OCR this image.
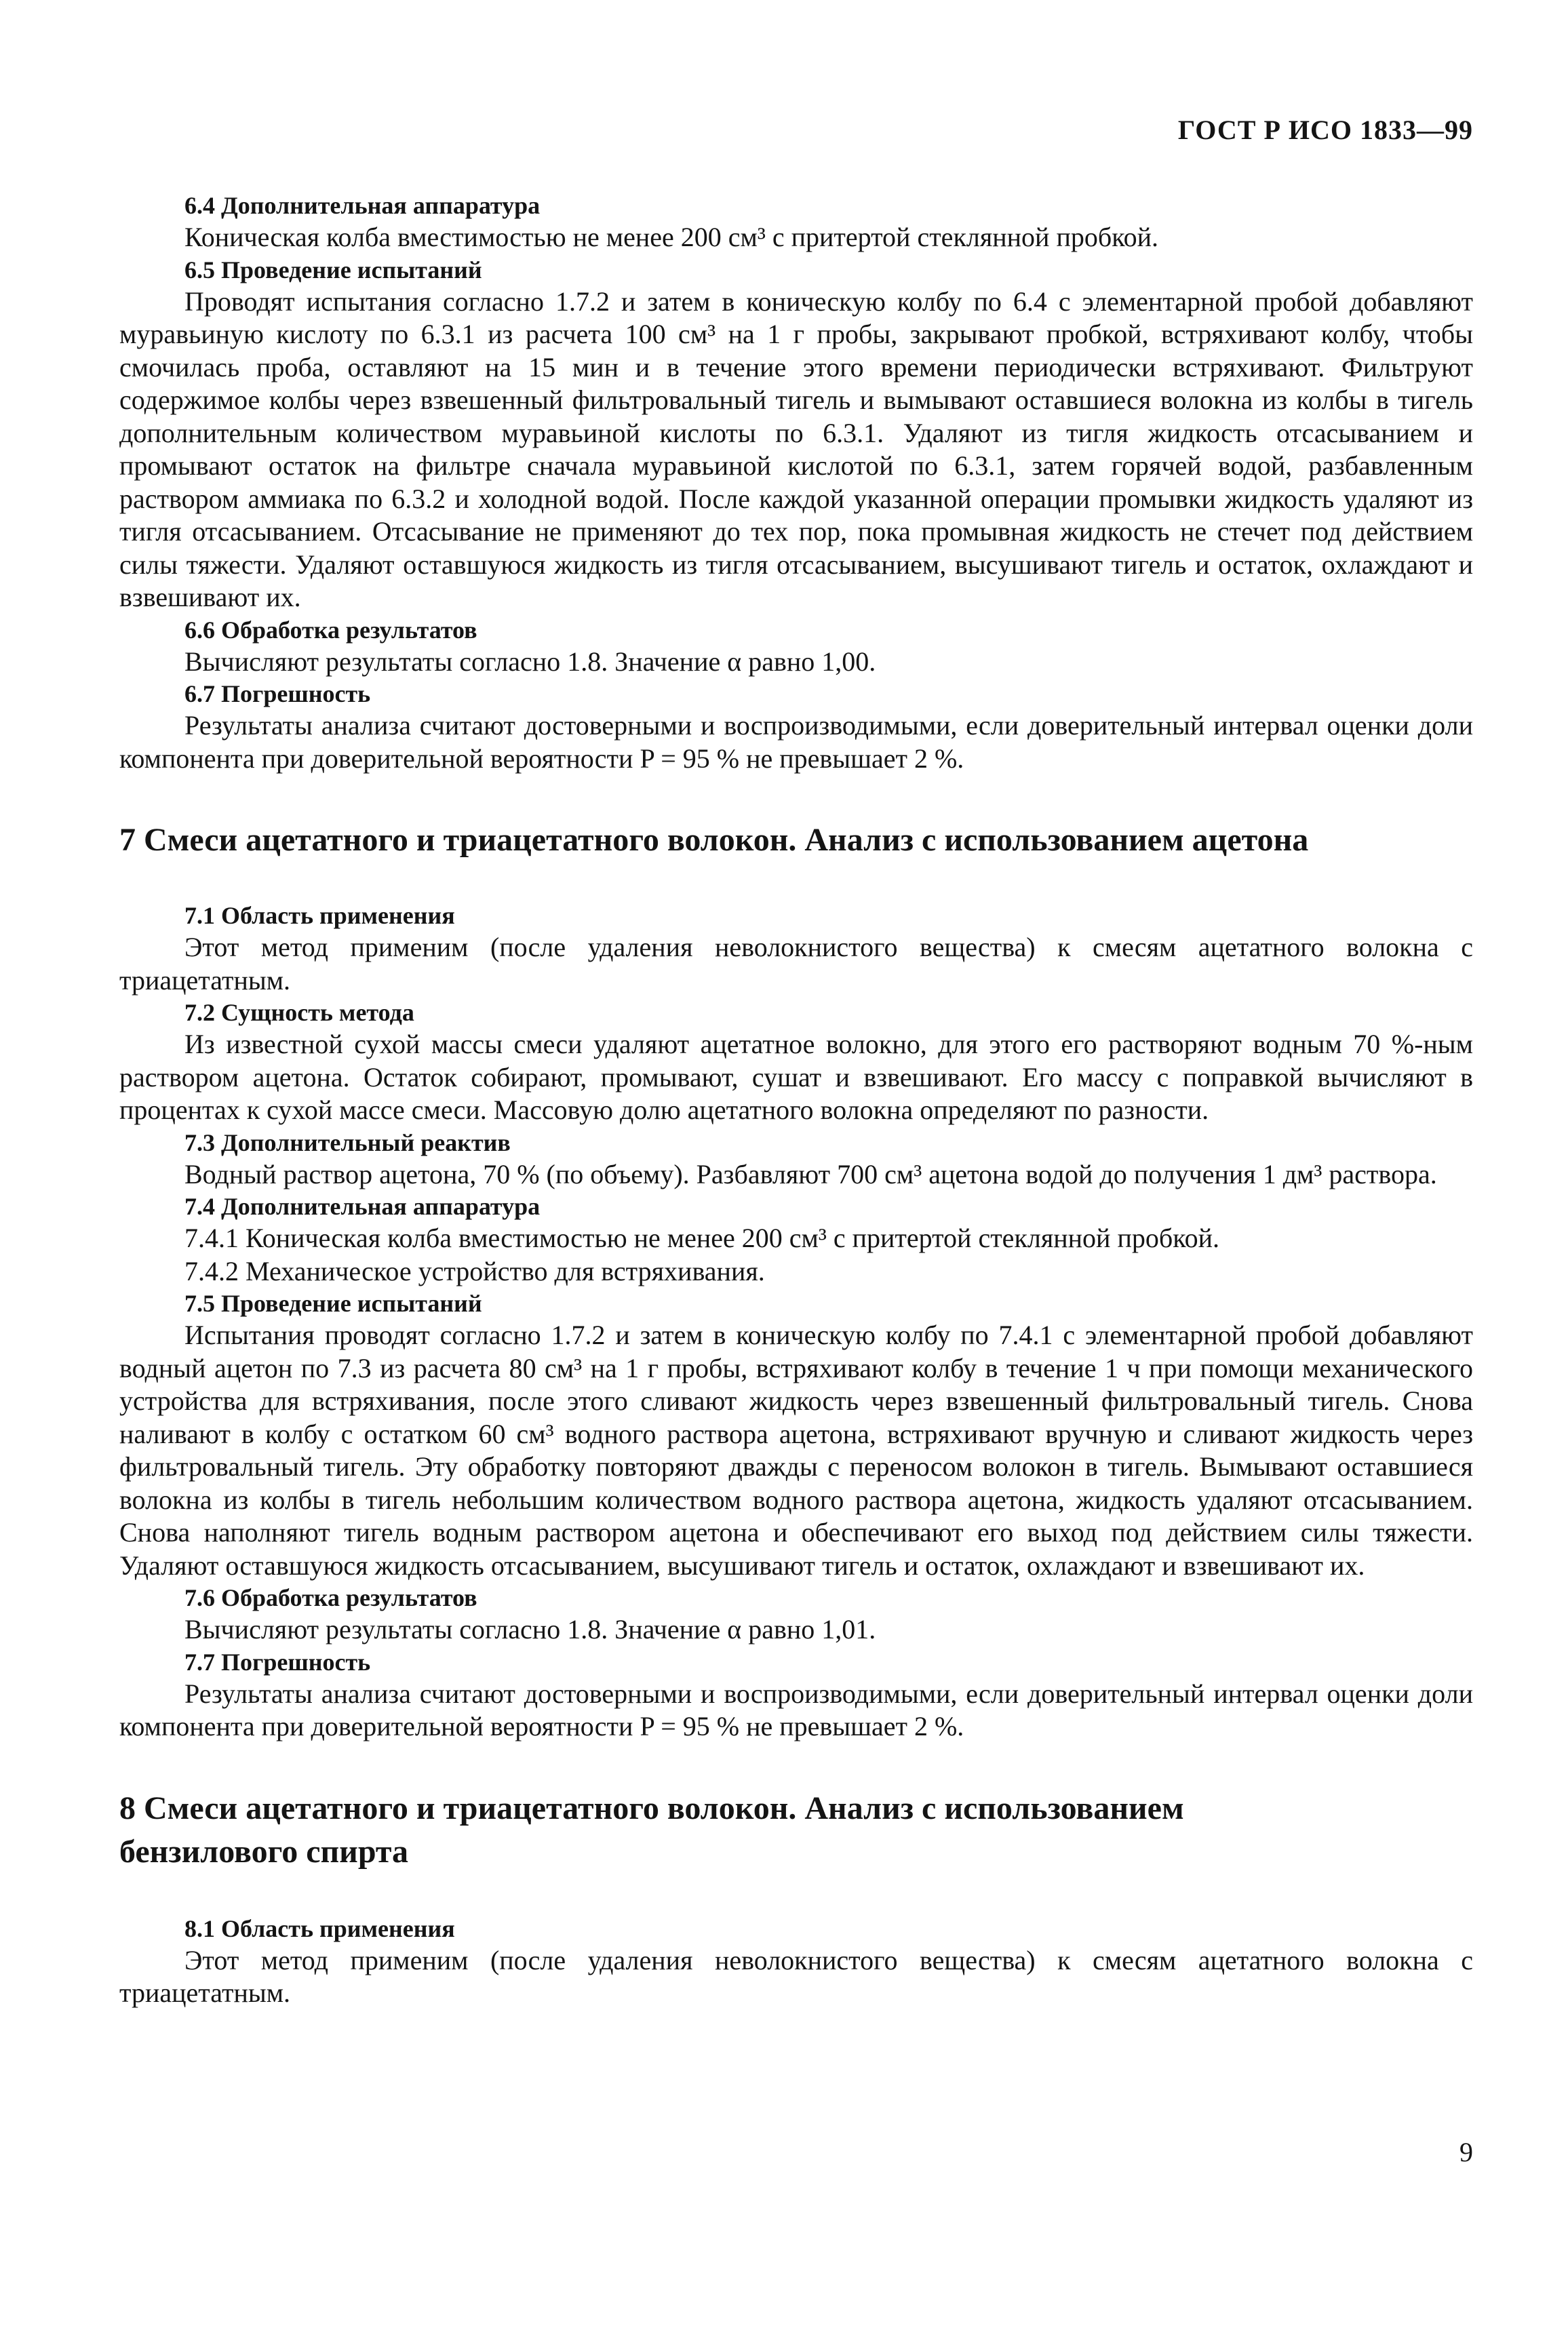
ГОСТ Р ИСО 1833—99
6.4 Дополнительная аппаратура

Коническая колба вместимостью не менее 200 см³ с притертой стеклянной пробкой.

6.5 Проведение испытаний

Проводят испытания согласно 1.7.2 и затем в коническую колбу по 6.4 с элементарной пробой добавляют муравьиную кислоту по 6.3.1 из расчета 100 см³ на 1 г пробы, закрывают пробкой, встряхивают колбу, чтобы смочилась проба, оставляют на 15 мин и в течение этого времени периодически встряхивают. Фильтруют содержимое колбы через взвешенный фильтровальный тигель и вымывают оставшиеся волокна из колбы в тигель дополнительным количеством муравьиной кислоты по 6.3.1. Удаляют из тигля жидкость отсасыванием и промывают остаток на фильтре сначала муравьиной кислотой по 6.3.1, затем горячей водой, разбавленным раствором аммиака по 6.3.2 и холодной водой. После каждой указанной операции промывки жидкость удаляют из тигля отсасыванием. Отсасывание не применяют до тех пор, пока промывная жидкость не стечет под действием силы тяжести. Удаляют оставшуюся жидкость из тигля отсасыванием, высушивают тигель и остаток, охлаждают и взвешивают их.

6.6 Обработка результатов

Вычисляют результаты согласно 1.8. Значение α равно 1,00.

6.7 Погрешность

Результаты анализа считают достоверными и воспроизводимыми, если доверительный интервал оценки доли компонента при доверительной вероятности P = 95 % не превышает 2 %.

7 Смеси ацетатного и триацетатного волокон. Анализ с использованием ацетона
7.1 Область применения

Этот метод применим (после удаления неволокнистого вещества) к смесям ацетатного волокна с триацетатным.

7.2 Сущность метода

Из известной сухой массы смеси удаляют ацетатное волокно, для этого его растворяют водным 70 %-ным раствором ацетона. Остаток собирают, промывают, сушат и взвешивают. Его массу с поправкой вычисляют в процентах к сухой массе смеси. Массовую долю ацетатного волокна определяют по разности.

7.3 Дополнительный реактив

Водный раствор ацетона, 70 % (по объему). Разбавляют 700 см³ ацетона водой до получения 1 дм³ раствора.

7.4 Дополнительная аппаратура

7.4.1 Коническая колба вместимостью не менее 200 см³ с притертой стеклянной пробкой.

7.4.2 Механическое устройство для встряхивания.

7.5 Проведение испытаний

Испытания проводят согласно 1.7.2 и затем в коническую колбу по 7.4.1 с элементарной пробой добавляют водный ацетон по 7.3 из расчета 80 см³ на 1 г пробы, встряхивают колбу в течение 1 ч при помощи механического устройства для встряхивания, после этого сливают жидкость через взвешенный фильтровальный тигель. Снова наливают в колбу с остатком 60 см³ водного раствора ацетона, встряхивают вручную и сливают жидкость через фильтровальный тигель. Эту обработку повторяют дважды с переносом волокон в тигель. Вымывают оставшиеся волокна из колбы в тигель небольшим количеством водного раствора ацетона, жидкость удаляют отсасыванием. Снова наполняют тигель водным раствором ацетона и обеспечивают его выход под действием силы тяжести. Удаляют оставшуюся жидкость отсасыванием, высушивают тигель и остаток, охлаждают и взвешивают их.

7.6 Обработка результатов

Вычисляют результаты согласно 1.8. Значение α равно 1,01.

7.7 Погрешность

Результаты анализа считают достоверными и воспроизводимыми, если доверительный интервал оценки доли компонента при доверительной вероятности P = 95 % не превышает 2 %.

8 Смеси ацетатного и триацетатного волокон. Анализ с использованием бензилового спирта
8.1 Область применения

Этот метод применим (после удаления неволокнистого вещества) к смесям ацетатного волокна с триацетатным.

9
